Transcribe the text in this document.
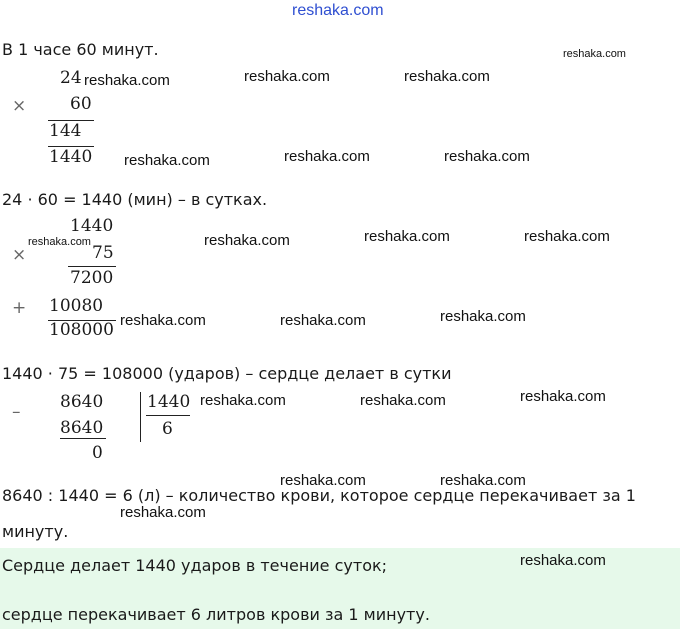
reshaka.com
В 1 часе 60 минут.
×
24
60
144
1440
24 · 60 = 1440 (мин) – в сутках.
×
1440
75
7200
+ 10080
108000
1440 · 75 = 108000 (ударов) – сердце делает в сутки
– 8640
8640
0
1440
6
8640 : 1440 = 6 (л) – количество крови, которое сердце перекачивает за 1
минуту.
Сердце делает 1440 ударов в течение суток;
сердце перекачивает 6 литров крови за 1 минуту.
reshaka.com
reshaka.com	reshaka.com	reshaka.com
reshaka.com	reshaka.com	reshaka.com
reshaka.com	reshaka.com	reshaka.com	reshaka.com
reshaka.com	reshaka.com	reshaka.com
reshaka.com	reshaka.com	reshaka.com
reshaka.com	reshaka.com
reshaka.com
reshaka.com
